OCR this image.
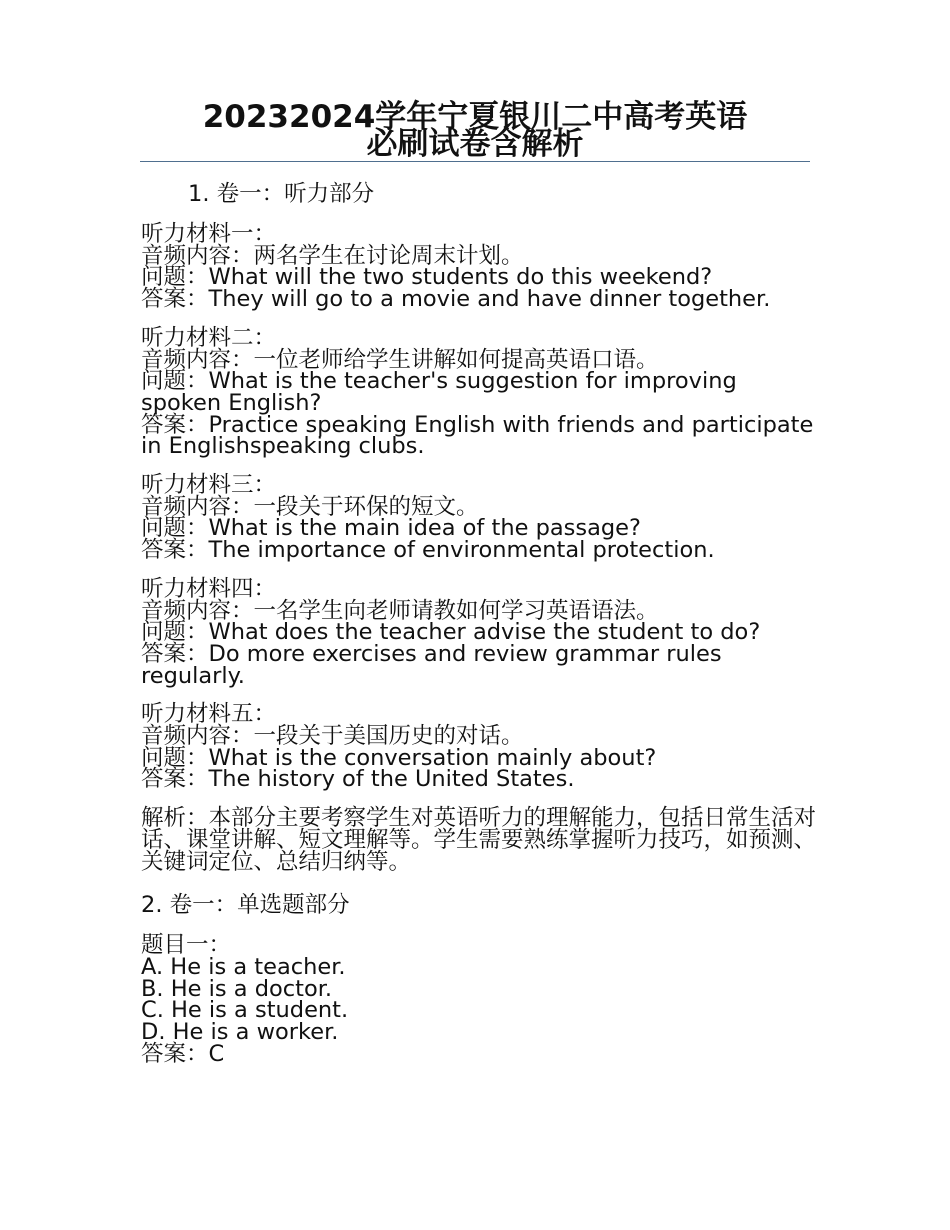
20232024学年宁夏银川二中高考英语
必刷试卷含解析
1. 卷一：听力部分
听力材料一：
音频内容：两名学生在讨论周末计划。
问题：What will the two students do this weekend?
答案：They will go to a movie and have dinner together.
听力材料二：
音频内容：一位老师给学生讲解如何提高英语口语。
问题：What is the teacher's suggestion for improving spoken English?
答案：Practice speaking English with friends and participate in Englishspeaking clubs.
听力材料三：
音频内容：一段关于环保的短文。
问题：What is the main idea of the passage?
答案：The importance of environmental protection.
听力材料四：
音频内容：一名学生向老师请教如何学习英语语法。
问题：What does the teacher advise the student to do?
答案：Do more exercises and review grammar rules regularly.
听力材料五：
音频内容：一段关于美国历史的对话。
问题：What is the conversation mainly about?
答案：The history of the United States.
解析：本部分主要考察学生对英语听力的理解能力，包括日常生活对话、课堂讲解、短文理解等。学生需要熟练掌握听力技巧，如预测、关键词定位、总结归纳等。
2. 卷一：单选题部分
题目一：
A. He is a teacher.
B. He is a doctor.
C. He is a student.
D. He is a worker.
答案：C
